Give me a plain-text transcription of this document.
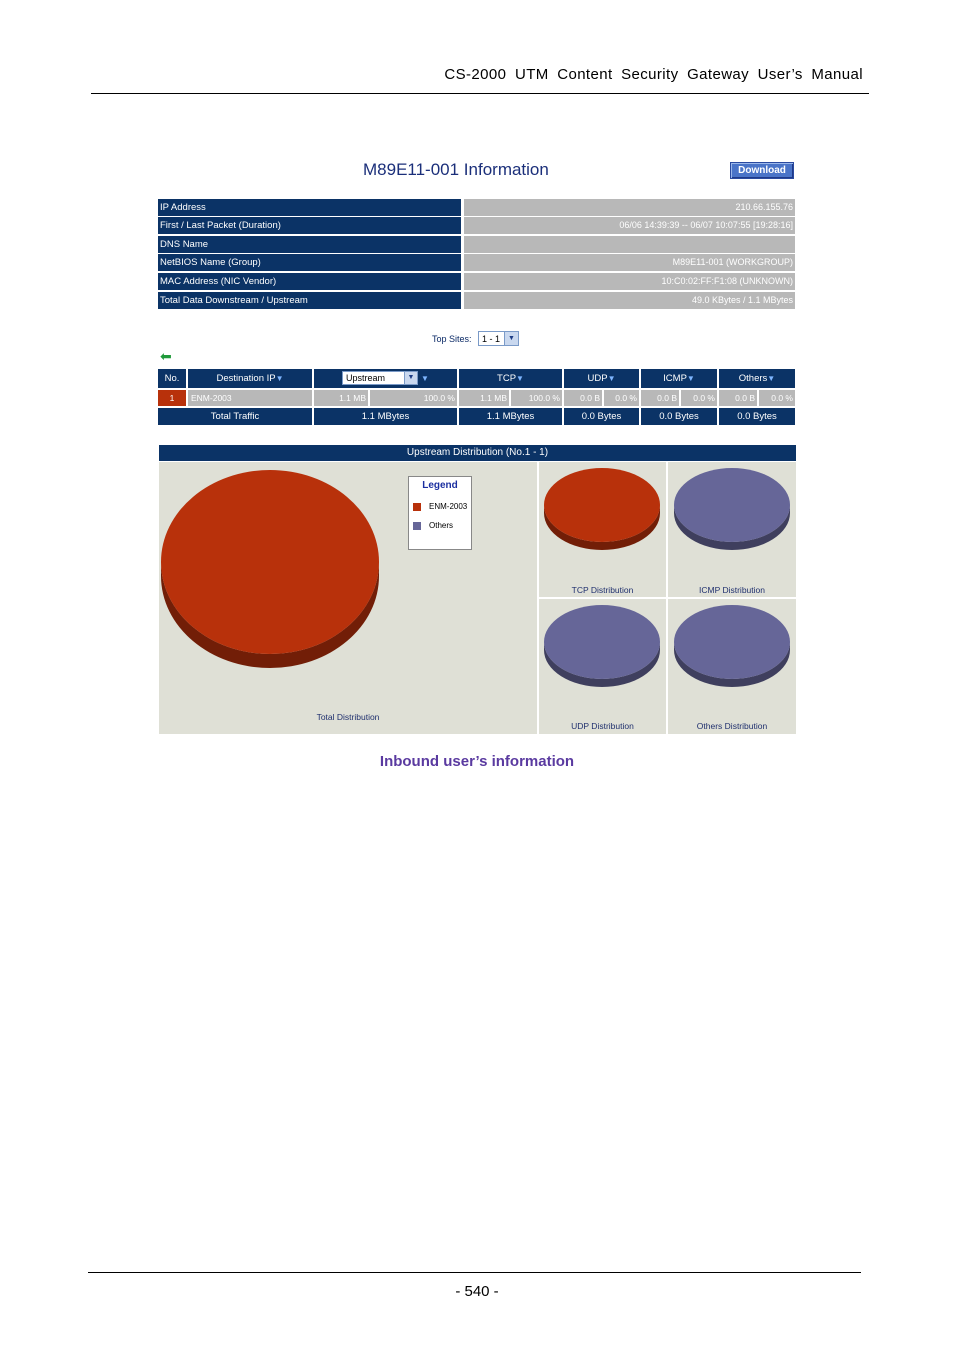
CS-2000 UTM Content Security Gateway User’s Manual
M89E11-001 Information	Download
IP Address	210.66.155.76
First / Last Packet (Duration)	06/06 14:39:39 -- 06/07 10:07:55 [19:28:16]
DNS Name
NetBIOS Name (Group)	M89E11-001 (WORKGROUP)
MAC Address (NIC Vendor)	10:C0:02:FF:F1:08 (UNKNOWN)
Total Data Downstream / Upstream	49.0 KBytes / 1.1 MBytes
Top Sites:	1 - 1	▼
⬅
No.	Destination IP▼	Upstream	▼ ▼	TCP▼	UDP▼	ICMP▼	Others▼
1	ENM-2003	1.1 MB	100.0 %	1.1 MB	100.0 %	0.0 B	0.0 %	0.0 B	0.0 %	0.0 B	0.0 %
Total Traffic	1.1 MBytes	1.1 MBytes	0.0 Bytes	0.0 Bytes	0.0 Bytes
Upstream Distribution (No.1 - 1)
Total Distribution
Legend
ENM-2003
Others
TCP Distribution	ICMP Distribution
UDP Distribution	Others Distribution
Inbound user’s information
- 540 -
